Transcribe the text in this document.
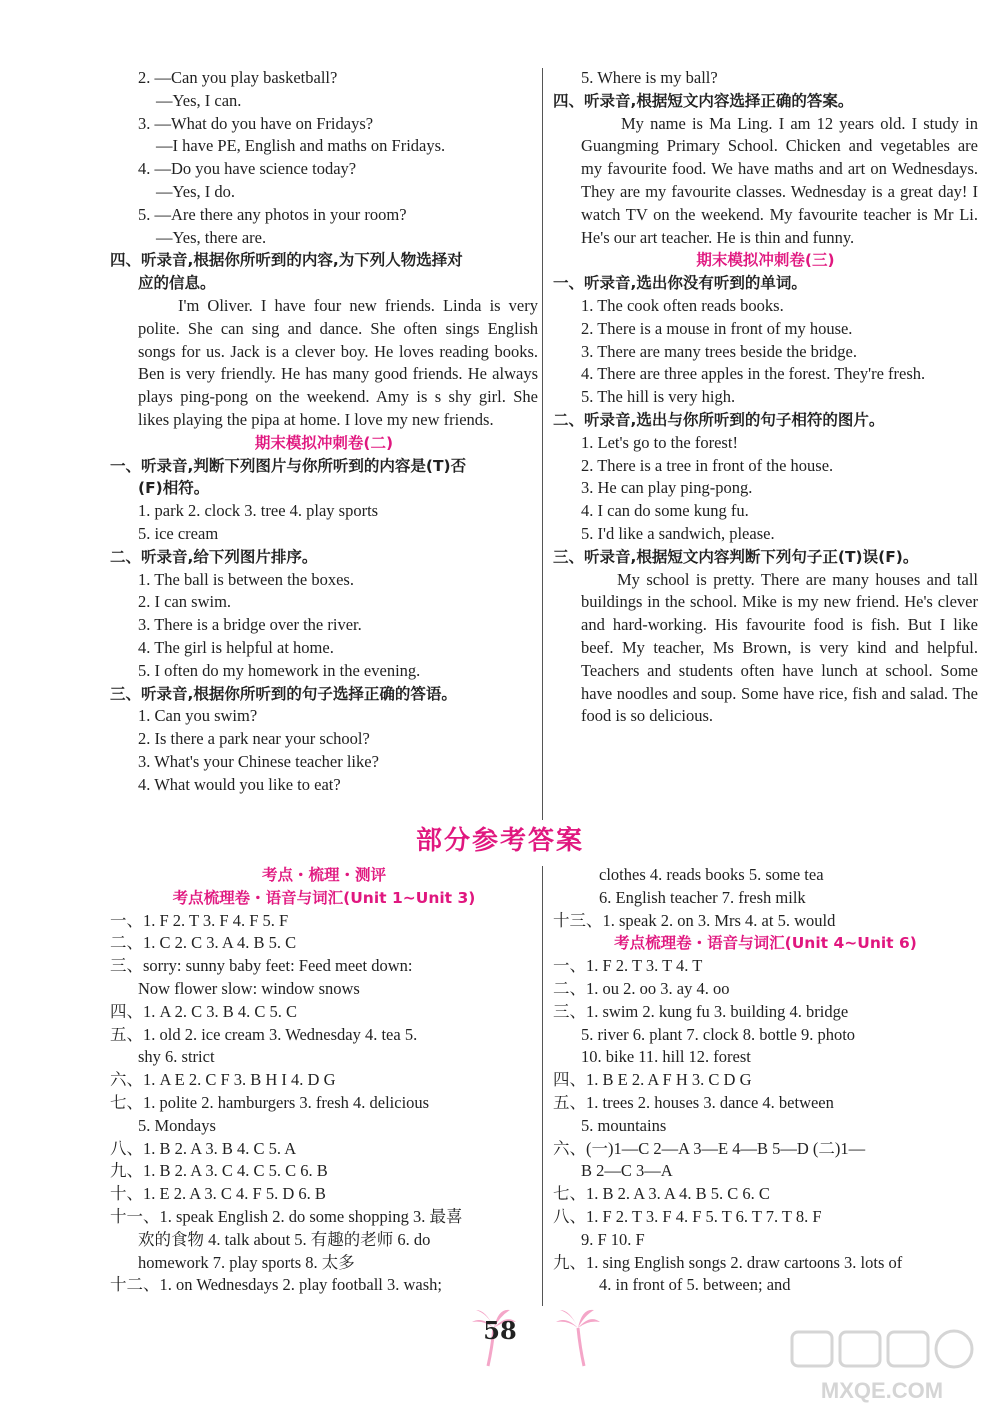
2. —Can you play basketball?

—Yes, I can.

3. —What do you have on Fridays?

—I have PE, English and maths on Fridays.

4. —Do you have science today?

—Yes, I do.

5. —Are there any photos in your room?

—Yes, there are.

四、听录音,根据你所听到的内容,为下列人物选择对

应的信息。

I'm Oliver. I have four new friends. Linda is very polite. She can sing and dance. She often sings English songs for us. Jack is a clever boy. He loves reading books. Ben is very friendly. He has many good friends. He always plays ping-pong on the weekend. Amy is s shy girl. She likes playing the pipa at home. I love my new friends.

期末模拟冲刺卷(二)

一、听录音,判断下列图片与你所听到的内容是(T)否

(F)相符。

1. park 2. clock 3. tree 4. play sports

5. ice cream

二、听录音,给下列图片排序。

1. The ball is between the boxes.

2. I can swim.

3. There is a bridge over the river.

4. The girl is helpful at home.

5. I often do my homework in the evening.

三、听录音,根据你所听到的句子选择正确的答语。

1. Can you swim?

2. Is there a park near your school?

3. What's your Chinese teacher like?

4. What would you like to eat?

5. Where is my ball?

四、听录音,根据短文内容选择正确的答案。

My name is Ma Ling. I am 12 years old. I study in Guangming Primary School. Chicken and vegetables are my favourite food. We have maths and art on Wednesdays. They are my favourite classes. Wednesday is a great day! I watch TV on the weekend. My favourite teacher is Mr Li. He's our art teacher. He is thin and funny.

期末模拟冲刺卷(三)

一、听录音,选出你没有听到的单词。

1. The cook often reads books.

2. There is a mouse in front of my house.

3. There are many trees beside the bridge.

4. There are three apples in the forest. They're fresh.

5. The hill is very high.

二、听录音,选出与你所听到的句子相符的图片。

1. Let's go to the forest!

2. There is a tree in front of the house.

3. He can play ping-pong.

4. I can do some kung fu.

5. I'd like a sandwich, please.

三、听录音,根据短文内容判断下列句子正(T)误(F)。

My school is pretty. There are many houses and tall buildings in the school. Mike is my new friend. He's clever and hard-working. His favourite food is fish. But I like beef. My teacher, Ms Brown, is very kind and helpful. Teachers and students often have lunch at school. Some have noodles and soup. Some have rice, fish and salad. The food is so delicious.

部分参考答案

考点・梳理・测评

考点梳理卷・语音与词汇(Unit 1~Unit 3)

一、1. F 2. T 3. F 4. F 5. F

二、1. C 2. C 3. A 4. B 5. C

三、sorry: sunny baby feet: Feed meet down:

Now flower slow: window snows

四、1. A 2. C 3. B 4. C 5. C

五、1. old 2. ice cream 3. Wednesday 4. tea 5.

shy 6. strict

六、1. A E 2. C F 3. B H I 4. D G

七、1. polite 2. hamburgers 3. fresh 4. delicious

5. Mondays

八、1. B 2. A 3. B 4. C 5. A

九、1. B 2. A 3. C 4. C 5. C 6. B

十、1. E 2. A 3. C 4. F 5. D 6. B

十一、1. speak English 2. do some shopping 3. 最喜

欢的食物 4. talk about 5. 有趣的老师 6. do

homework 7. play sports 8. 太多

十二、1. on Wednesdays 2. play football 3. wash;

clothes 4. reads books 5. some tea

6. English teacher 7. fresh milk

十三、1. speak 2. on 3. Mrs 4. at 5. would

考点梳理卷・语音与词汇(Unit 4~Unit 6)

一、1. F 2. T 3. T 4. T

二、1. ou 2. oo 3. ay 4. oo

三、1. swim 2. kung fu 3. building 4. bridge

5. river 6. plant 7. clock 8. bottle 9. photo

10. bike 11. hill 12. forest

四、1. B E 2. A F H 3. C D G

五、1. trees 2. houses 3. dance 4. between

5. mountains

六、(一)1—C 2—A 3—E 4—B 5—D (二)1—

B 2—C 3—A

七、1. B 2. A 3. A 4. B 5. C 6. C

八、1. F 2. T 3. F 4. F 5. T 6. T 7. T 8. F

9. F 10. F

九、1. sing English songs 2. draw cartoons 3. lots of

4. in front of 5. between; and

58
MXQE.COM
